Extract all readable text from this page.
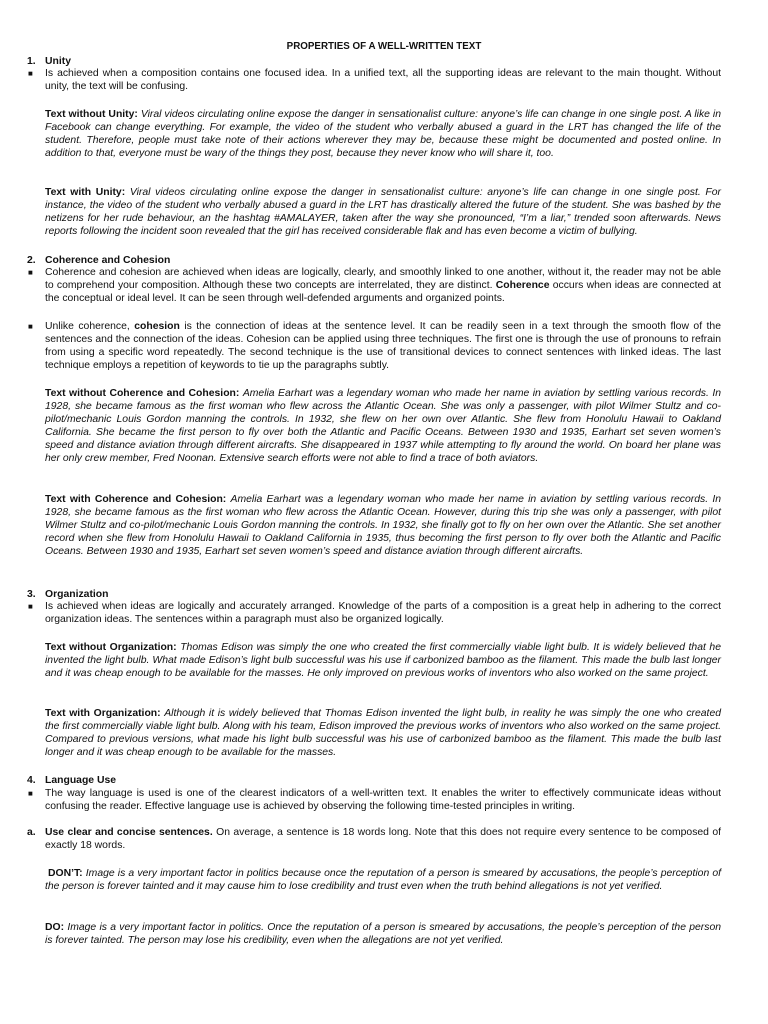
PROPERTIES OF A WELL-WRITTEN TEXT
1. Unity
■ Is achieved when a composition contains one focused idea. In a unified text, all the supporting ideas are relevant to the main thought. Without unity, the text will be confusing.
Text without Unity: Viral videos circulating online expose the danger in sensationalist culture: anyone’s life can change in one single post. A like in Facebook can change everything. For example, the video of the student who verbally abused a guard in the LRT has changed the life of the student. Therefore, people must take note of their actions wherever they may be, because these might be documented and posted online. In addition to that, everyone must be wary of the things they post, because they never know who will share it, too.
Text with Unity: Viral videos circulating online expose the danger in sensationalist culture: anyone’s life can change in one single post. For instance, the video of the student who verbally abused a guard in the LRT has drastically altered the future of the student. She was bashed by the netizens for her rude behaviour, an the hashtag #AMALAYER, taken after the way she pronounced, “I’m a liar,” trended soon afterwards. News reports following the incident soon revealed that the girl has received considerable flak and has even become a victim of bullying.
2. Coherence and Cohesion
■ Coherence and cohesion are achieved when ideas are logically, clearly, and smoothly linked to one another, without it, the reader may not be able to comprehend your composition. Although these two concepts are interrelated, they are distinct. Coherence occurs when ideas are connected at the conceptual or ideal level. It can be seen through well-defended arguments and organized points.
■ Unlike coherence, cohesion is the connection of ideas at the sentence level. It can be readily seen in a text through the smooth flow of the sentences and the connection of the ideas. Cohesion can be applied using three techniques. The first one is through the use of pronouns to refrain from using a specific word repeatedly. The second technique is the use of transitional devices to connect sentences with linked ideas. The last technique employs a repetition of keywords to tie up the paragraphs subtly.
Text without Coherence and Cohesion: Amelia Earhart was a legendary woman who made her name in aviation by settling various records. In 1928, she became famous as the first woman who flew across the Atlantic Ocean. She was only a passenger, with pilot Wilmer Stultz and co-pilot/mechanic Louis Gordon manning the controls. In 1932, she flew on her own over Atlantic. She flew from Honolulu Hawaii to Oakland California. She became the first person to fly over both the Atlantic and Pacific Oceans. Between 1930 and 1935, Earhart set seven women’s speed and distance aviation through different aircrafts. She disappeared in 1937 while attempting to fly around the world. On board her plane was her only crew member, Fred Noonan. Extensive search efforts were not able to find a trace of both aviators.
Text with Coherence and Cohesion: Amelia Earhart was a legendary woman who made her name in aviation by settling various records. In 1928, she became famous as the first woman who flew across the Atlantic Ocean. However, during this trip she was only a passenger, with pilot Wilmer Stultz and co-pilot/mechanic Louis Gordon manning the controls. In 1932, she finally got to fly on her own over the Atlantic. She set another record when she flew from Honolulu Hawaii to Oakland California in 1935, thus becoming the first person to fly over both the Atlantic and Pacific Oceans. Between 1930 and 1935, Earhart set seven women’s speed and distance aviation through different aircrafts.
3. Organization
■ Is achieved when ideas are logically and accurately arranged. Knowledge of the parts of a composition is a great help in adhering to the correct organization ideas. The sentences within a paragraph must also be organized logically.
Text without Organization: Thomas Edison was simply the one who created the first commercially viable light bulb. It is widely believed that he invented the light bulb. What made Edison’s light bulb successful was his use if carbonized bamboo as the filament. This made the bulb last longer and it was cheap enough to be available for the masses. He only improved on previous works of inventors who also worked on the same project.
Text with Organization: Although it is widely believed that Thomas Edison invented the light bulb, in reality he was simply the one who created the first commercially viable light bulb. Along with his team, Edison improved the previous works of inventors who also worked on the same project. Compared to previous versions, what made his light bulb successful was his use of carbonized bamboo as the filament. This made the bulb last longer and it was cheap enough to be available for the masses.
4. Language Use
■ The way language is used is one of the clearest indicators of a well-written text. It enables the writer to effectively communicate ideas without confusing the reader. Effective language use is achieved by observing the following time-tested principles in writing.
a. Use clear and concise sentences. On average, a sentence is 18 words long. Note that this does not require every sentence to be composed of exactly 18 words.
DON’T: Image is a very important factor in politics because once the reputation of a person is smeared by accusations, the people’s perception of the person is forever tainted and it may cause him to lose credibility and trust even when the truth behind allegations is not yet verified.
DO: Image is a very important factor in politics. Once the reputation of a person is smeared by accusations, the people’s perception of the person is forever tainted. The person may lose his credibility, even when the allegations are not yet verified.
